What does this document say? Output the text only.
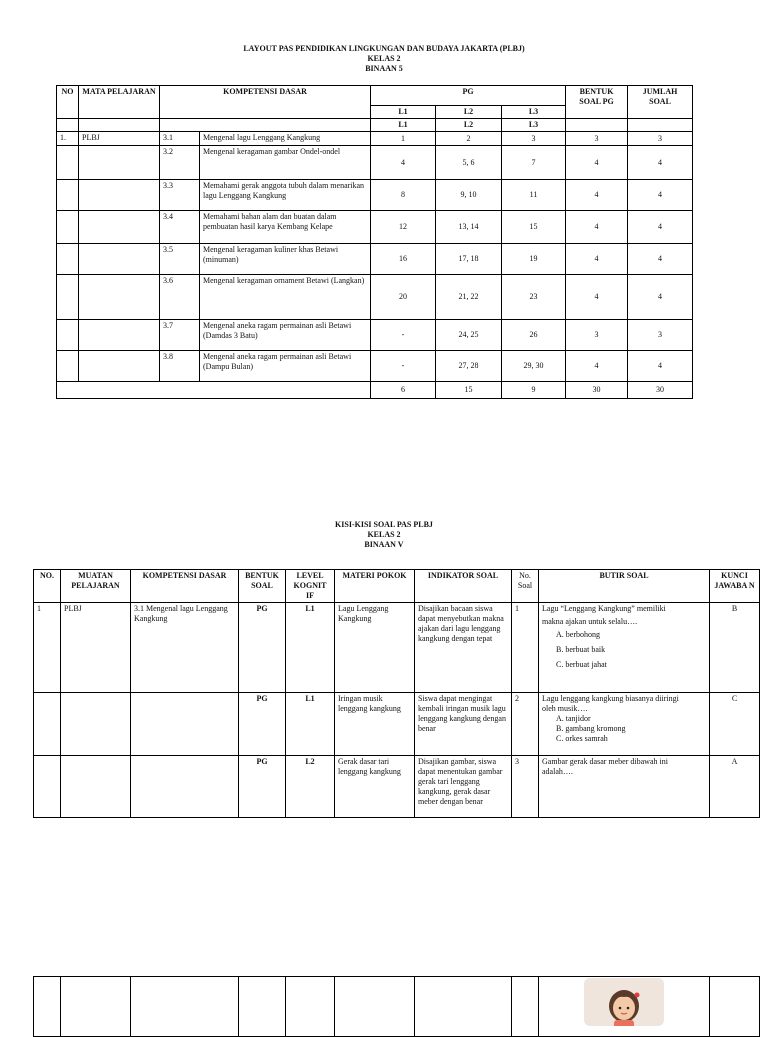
LAYOUT PAS PENDIDIKAN LINGKUNGAN DAN BUDAYA JAKARTA (PLBJ)
KELAS 2
BINAAN 5
NO	MATA PELAJARAN	KOMPETENSI DASAR		PG			BENTUK SOAL PG	JUMLAH SOAL
				L1	L2	L3		
				L1	L2	L3		
1.	PLBJ	3.1	Mengenal lagu Lenggang Kangkung	1	2	3	3	3
		3.2	Mengenal keragaman gambar Ondel-ondel	4	5, 6	7	4	4
		3.3	Memahami gerak anggota tubuh dalam menarikan lagu Lenggang Kangkung	8	9, 10	11	4	4
		3.4	Memahami bahan alam dan buatan dalam pembuatan hasil karya Kembang Kelape	12	13, 14	15	4	4
		3.5	Mengenal keragaman kuliner khas Betawi (minuman)	16	17, 18	19	4	4
		3.6	Mengenal keragaman ornament Betawi (Langkan)	20	21, 22	23	4	4
		3.7	Mengenal aneka ragam permainan asli Betawi (Damdas 3 Batu)	-	24, 25	26	3	3
		3.8	Mengenal aneka ragam permainan asli Betawi (Dampu Bulan)	-	27, 28	29, 30	4	4
				6	15	9	30	30
KISI-KISI SOAL PAS PLBJ
KELAS 2
BINAAN V
NO.	MUATAN PELAJARAN	KOMPETENSI DASAR	BENTUK SOAL	LEVEL KOGNIT IF	MATERI POKOK	INDIKATOR SOAL	No. Soal	BUTIR SOAL	KUNCI JAWABA N
1	PLBJ	3.1 Mengenal lagu Lenggang Kangkung	PG	L1	Lagu Lenggang Kangkung	Disajikan bacaan siswa dapat menyebutkan makna ajakan dari lagu lenggang kangkung dengan tepat	1	Lagu “Lenggang Kangkung” memiliki
makna ajakan untuk selalu….
A. berbohong
B. berbuat baik
C. berbuat jahat	B
			PG	L1	Iringan musik lenggang kangkung	Siswa dapat mengingat kembali iringan musik lagu lenggang kangkung dengan benar	2	Lagu lenggang kangkung biasanya diiringi
oleh musik….
A. tanjidor
B. gambang kromong
C. orkes samrah	C
			PG	L2	Gerak dasar tari lenggang kangkung	Disajikan gambar, siswa dapat menentukan gambar gerak tari lenggang kangkung, gerak dasar meber dengan benar	3	Gambar gerak dasar meber dibawah ini
adalah….	A
